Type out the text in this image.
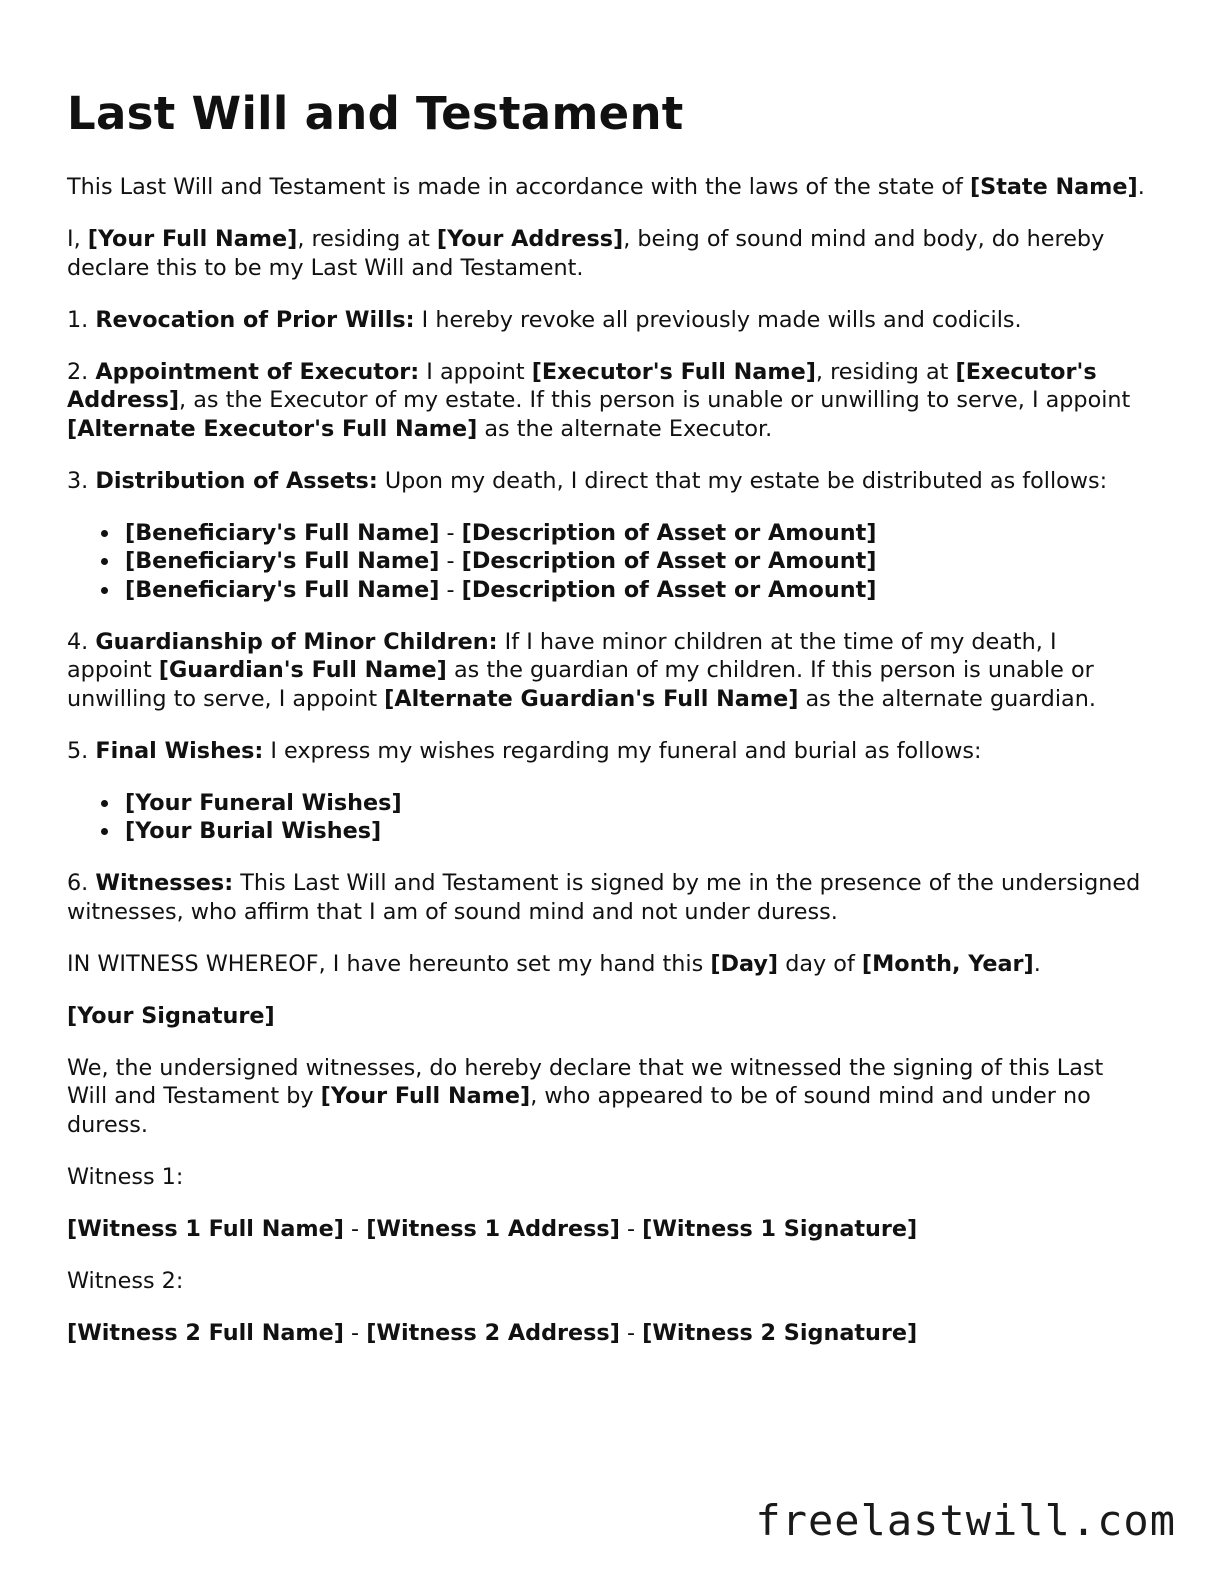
Last Will and Testament

This Last Will and Testament is made in accordance with the laws of the state of [State Name].

I, [Your Full Name], residing at [Your Address], being of sound mind and body, do hereby declare this to be my Last Will and Testament.

1. Revocation of Prior Wills: I hereby revoke all previously made wills and codicils.

2. Appointment of Executor: I appoint [Executor's Full Name], residing at [Executor's Address], as the Executor of my estate. If this person is unable or unwilling to serve, I appoint [Alternate Executor's Full Name] as the alternate Executor.

3. Distribution of Assets: Upon my death, I direct that my estate be distributed as follows:

[Beneficiary's Full Name] - [Description of Asset or Amount]
[Beneficiary's Full Name] - [Description of Asset or Amount]
[Beneficiary's Full Name] - [Description of Asset or Amount]

4. Guardianship of Minor Children: If I have minor children at the time of my death, I appoint [Guardian's Full Name] as the guardian of my children. If this person is unable or unwilling to serve, I appoint [Alternate Guardian's Full Name] as the alternate guardian.

5. Final Wishes: I express my wishes regarding my funeral and burial as follows:

[Your Funeral Wishes]
[Your Burial Wishes]

6. Witnesses: This Last Will and Testament is signed by me in the presence of the undersigned witnesses, who affirm that I am of sound mind and not under duress.

IN WITNESS WHEREOF, I have hereunto set my hand this [Day] day of [Month, Year].

[Your Signature]

We, the undersigned witnesses, do hereby declare that we witnessed the signing of this Last Will and Testament by [Your Full Name], who appeared to be of sound mind and under no duress.

Witness 1:

[Witness 1 Full Name] - [Witness 1 Address] - [Witness 1 Signature]

Witness 2:

[Witness 2 Full Name] - [Witness 2 Address] - [Witness 2 Signature]

freelastwill.com
